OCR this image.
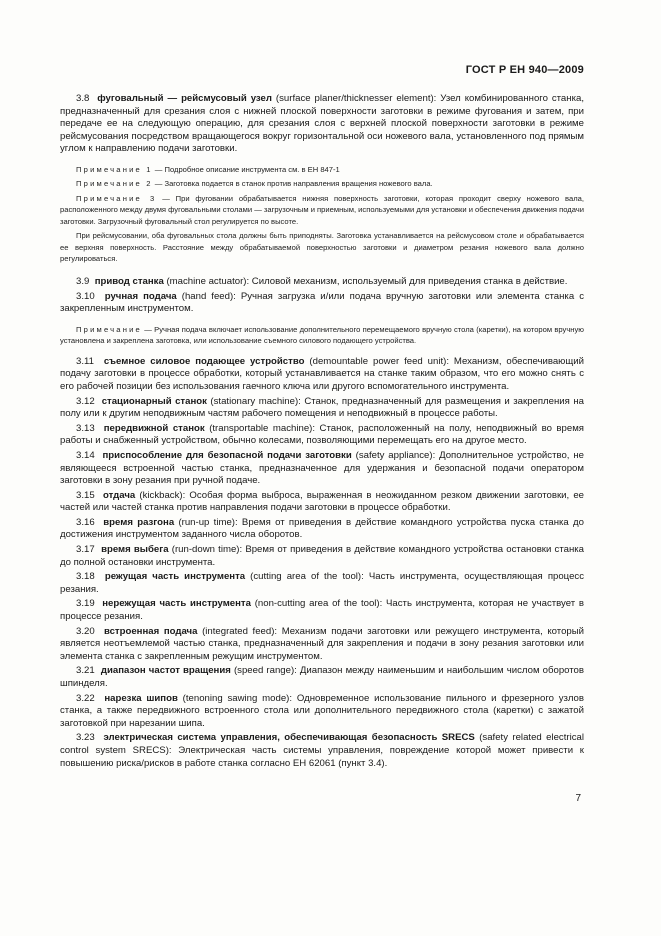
ГОСТ Р ЕН 940—2009

3.8 фуговальный — рейсмусовый узел (surface planer/thicknesser element): Узел комбинированного станка, предназначенный для срезания слоя с нижней плоской поверхности заготовки в режиме фугования и затем, при передаче ее на следующую операцию, для срезания слоя с верхней плоской поверхности заготовки в режиме рейсмусования посредством вращающегося вокруг горизонтальной оси ножевого вала, установленного под прямым углом к направлению подачи заготовки.

Примечание 1 — Подробное описание инструмента см. в ЕН 847-1

Примечание 2 — Заготовка подается в станок против направления вращения ножевого вала.

Примечание 3 — При фуговании обрабатывается нижняя поверхность заготовки, которая проходит сверху ножевого вала, расположенного между двумя фуговальными столами — загрузочным и приемным, используемыми для установки и обеспечения движения подачи заготовки. Загрузочный фуговальный стол регулируется по высоте.

При рейсмусовании, оба фуговальных стола должны быть приподняты. Заготовка устанавливается на рейсмусовом столе и обрабатывается ее верхняя поверхность. Расстояние между обрабатываемой поверхностью заготовки и диаметром резания ножевого вала должно регулироваться.

3.9 привод станка (machine actuator): Силовой механизм, используемый для приведения станка в действие.

3.10 ручная подача (hand feed): Ручная загрузка и/или подача вручную заготовки или элемента станка с закрепленным инструментом.

Примечание — Ручная подача включает использование дополнительного перемещаемого вручную стола (каретки), на котором вручную установлена и закреплена заготовка, или использование съемного силового подающего устройства.

3.11 съемное силовое подающее устройство (demountable power feed unit): Механизм, обеспечивающий подачу заготовки в процессе обработки, который устанавливается на станке таким образом, что его можно снять с его рабочей позиции без использования гаечного ключа или другого вспомогательного инструмента.

3.12 стационарный станок (stationary machine): Станок, предназначенный для размещения и закрепления на полу или к другим неподвижным частям рабочего помещения и неподвижный в процессе работы.

3.13 передвижной станок (transportable machine): Станок, расположенный на полу, неподвижный во время работы и снабженный устройством, обычно колесами, позволяющими перемещать его на другое место.

3.14 приспособление для безопасной подачи заготовки (safety appliance): Дополнительное устройство, не являющееся встроенной частью станка, предназначенное для удержания и безопасной подачи оператором заготовки в зону резания при ручной подаче.

3.15 отдача (kickback): Особая форма выброса, выраженная в неожиданном резком движении заготовки, ее частей или частей станка против направления подачи заготовки в процессе обработки.

3.16 время разгона (run-up time): Время от приведения в действие командного устройства пуска станка до достижения инструментом заданного числа оборотов.

3.17 время выбега (run-down time): Время от приведения в действие командного устройства остановки станка до полной остановки инструмента.

3.18 режущая часть инструмента (cutting area of the tool): Часть инструмента, осуществляющая процесс резания.

3.19 нережущая часть инструмента (non-cutting area of the tool): Часть инструмента, которая не участвует в процессе резания.

3.20 встроенная подача (integrated feed): Механизм подачи заготовки или режущего инструмента, который является неотъемлемой частью станка, предназначенный для закрепления и подачи в зону резания заготовки или элемента станка с закрепленным режущим инструментом.

3.21 диапазон частот вращения (speed range): Диапазон между наименьшим и наибольшим числом оборотов шпинделя.

3.22 нарезка шипов (tenoning sawing mode): Одновременное использование пильного и фрезерного узлов станка, а также передвижного встроенного стола или дополнительного передвижного стола (каретки) с зажатой заготовкой при нарезании шипа.

3.23 электрическая система управления, обеспечивающая безопасность SRECS (safety related electrical control system SRECS): Электрическая часть системы управления, повреждение которой может привести к повышению риска/рисков в работе станка согласно ЕН 62061 (пункт 3.4).

7
